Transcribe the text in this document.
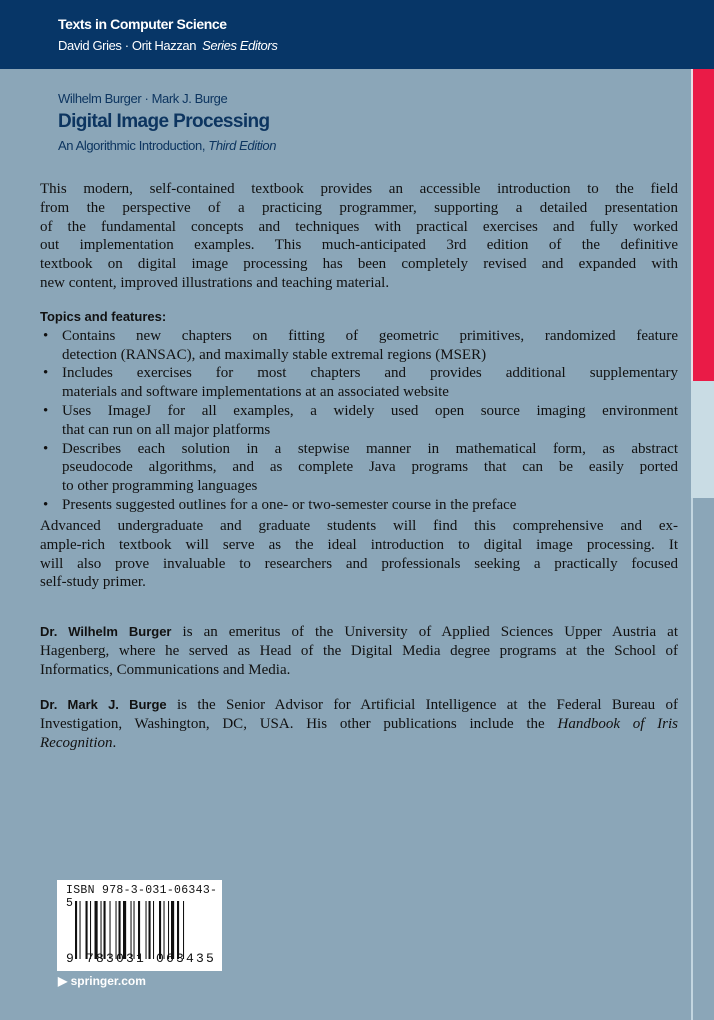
Texts in Computer Science
David Gries · Orit Hazzan Series Editors
Wilhelm Burger · Mark J. Burge
Digital Image Processing
An Algorithmic Introduction, Third Edition
This modern, self-contained textbook provides an accessible introduction to the field
from the perspective of a practicing programmer, supporting a detailed presentation
of the fundamental concepts and techniques with practical exercises and fully worked
out implementation examples. This much-anticipated 3rd edition of the definitive
textbook on digital image processing has been completely revised and expanded with
new content, improved illustrations and teaching material.
Topics and features:
• Contains new chapters on fitting of geometric primitives, randomized feature
detection (RANSAC), and maximally stable extremal regions (MSER)
• Includes exercises for most chapters and provides additional supplementary
materials and software implementations at an associated website
• Uses ImageJ for all examples, a widely used open source imaging environment
that can run on all major platforms
• Describes each solution in a stepwise manner in mathematical form, as abstract
pseudocode algorithms, and as complete Java programs that can be easily ported
to other programming languages
• Presents suggested outlines for a one- or two-semester course in the preface
Advanced undergraduate and graduate students will find this comprehensive and ex-
ample-rich textbook will serve as the ideal introduction to digital image processing. It
will also prove invaluable to researchers and professionals seeking a practically focused
self-study primer.
Dr. Wilhelm Burger is an emeritus of the University of Applied Sciences Upper Austria at
Hagenberg, where he served as Head of the Digital Media degree programs at the School of
Informatics, Communications and Media.
Dr. Mark J. Burge is the Senior Advisor for Artificial Intelligence at the Federal Bureau of
Investigation, Washington, DC, USA. His other publications include the Handbook of Iris
Recognition.
ISBN 978-3-031-06343-5
9 783031 063435
▶ springer.com
